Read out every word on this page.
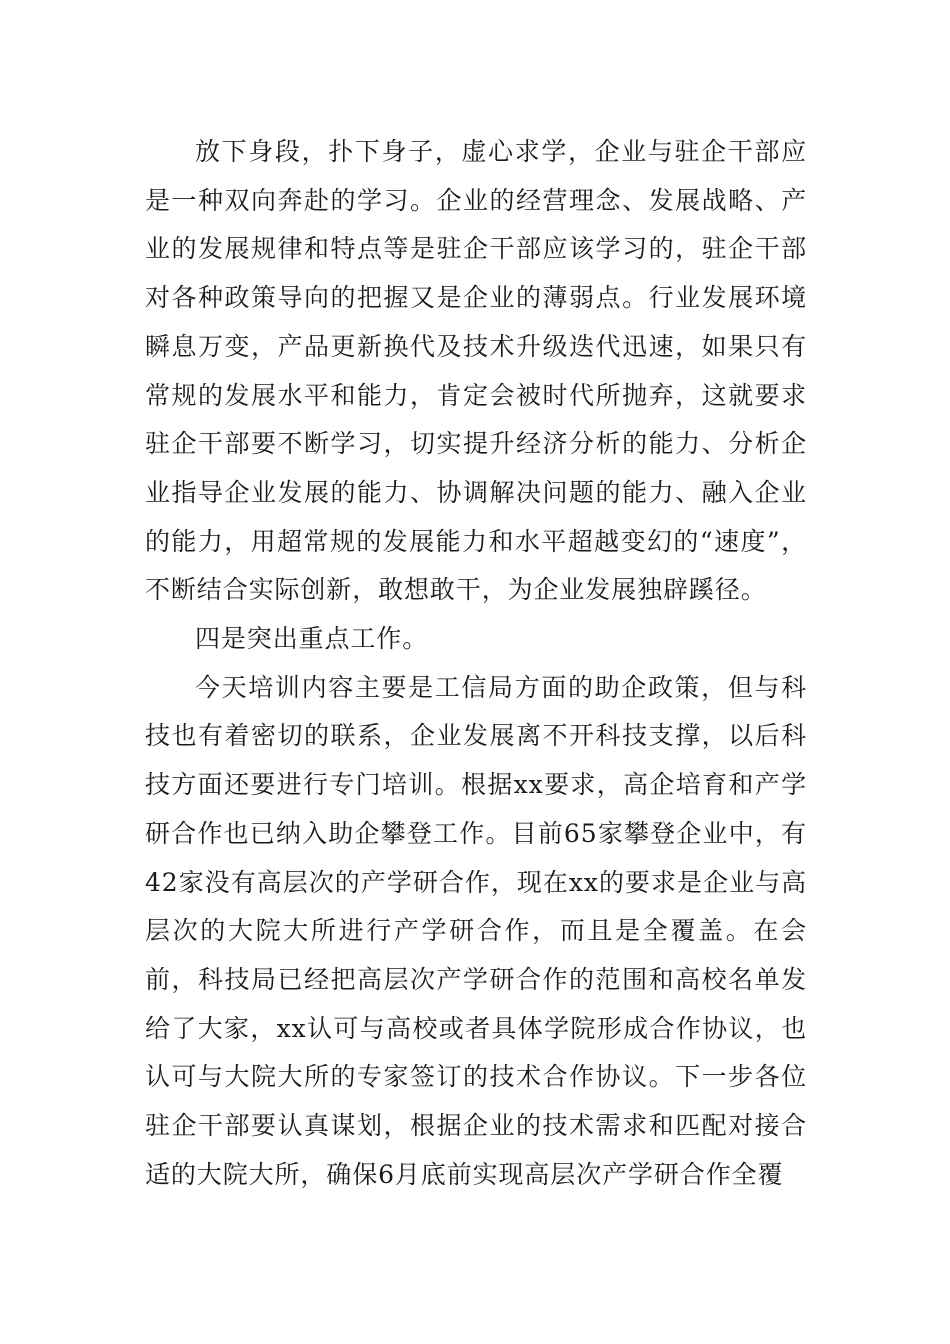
放下身段，扑下身子，虚心求学，企业与驻企干部应是一种双向奔赴的学习。企业的经营理念、发展战略、产业的发展规律和特点等是驻企干部应该学习的，驻企干部对各种政策导向的把握又是企业的薄弱点。行业发展环境瞬息万变，产品更新换代及技术升级迭代迅速，如果只有常规的发展水平和能力，肯定会被时代所抛弃，这就要求驻企干部要不断学习，切实提升经济分析的能力、分析企业指导企业发展的能力、协调解决问题的能力、融入企业的能力，用超常规的发展能力和水平超越变幻的“速度”，不断结合实际创新，敢想敢干，为企业发展独辟蹊径。

四是突出重点工作。

今天培训内容主要是工信局方面的助企政策，但与科技也有着密切的联系，企业发展离不开科技支撑，以后科技方面还要进行专门培训。根据xx要求，高企培育和产学研合作也已纳入助企攀登工作。目前65家攀登企业中，有42家没有高层次的产学研合作，现在xx的要求是企业与高层次的大院大所进行产学研合作，而且是全覆盖。在会前，科技局已经把高层次产学研合作的范围和高校名单发给了大家，xx认可与高校或者具体学院形成合作协议，也认可与大院大所的专家签订的技术合作协议。下一步各位驻企干部要认真谋划，根据企业的技术需求和匹配对接合适的大院大所，确保6月底前实现高层次产学研合作全覆
